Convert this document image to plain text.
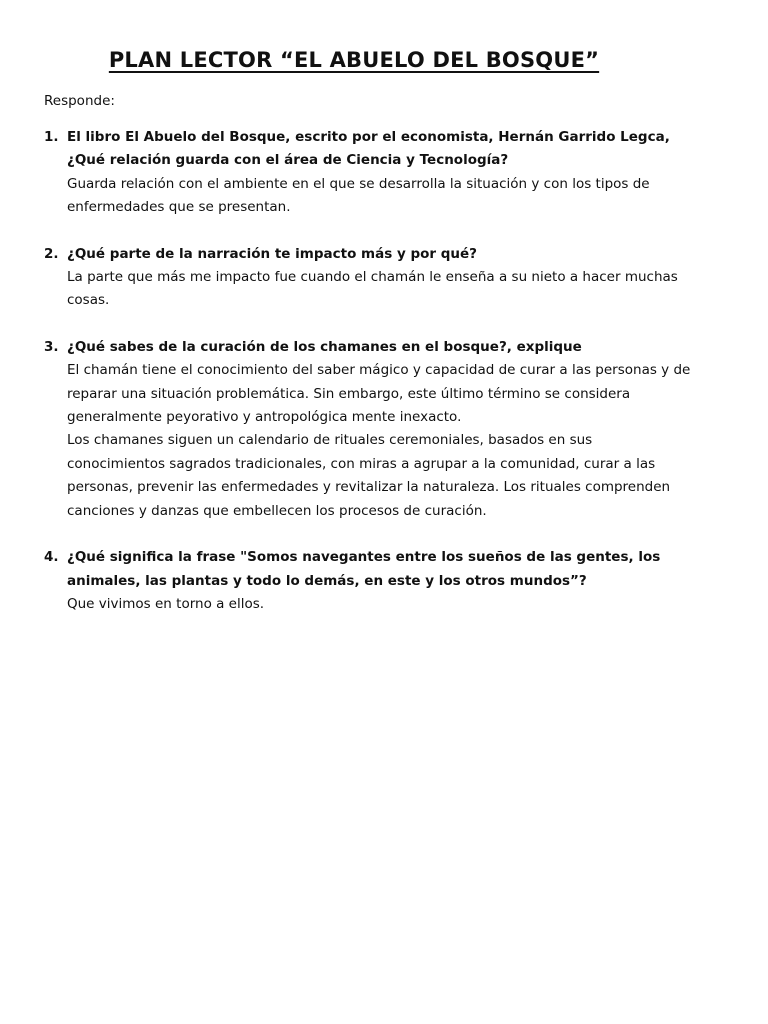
PLAN LECTOR “EL ABUELO DEL BOSQUE”
Responde:
1. El libro El Abuelo del Bosque, escrito por el economista, Hernán Garrido Legca, ¿Qué relación guarda con el área de Ciencia y Tecnología?
Guarda relación con el ambiente en el que se desarrolla la situación y con los tipos de enfermedades que se presentan.
2. ¿Qué parte de la narración te impacto más y por qué?
La parte que más me impacto fue cuando el chamán le enseña a su nieto a hacer muchas cosas.
3. ¿Qué sabes de la curación de los chamanes en el bosque?, explique
El chamán tiene el conocimiento del saber mágico y capacidad de curar a las personas y de reparar una situación problemática. Sin embargo, este último término se considera generalmente peyorativo y antropológica mente inexacto.
Los chamanes siguen un calendario de rituales ceremoniales, basados en sus conocimientos sagrados tradicionales, con miras a agrupar a la comunidad, curar a las personas, prevenir las enfermedades y revitalizar la naturaleza. Los rituales comprenden canciones y danzas que embellecen los procesos de curación.
4. ¿Qué significa la frase "Somos navegantes entre los sueños de las gentes, los animales, las plantas y todo lo demás, en este y los otros mundos”?
Que vivimos en torno a ellos.
